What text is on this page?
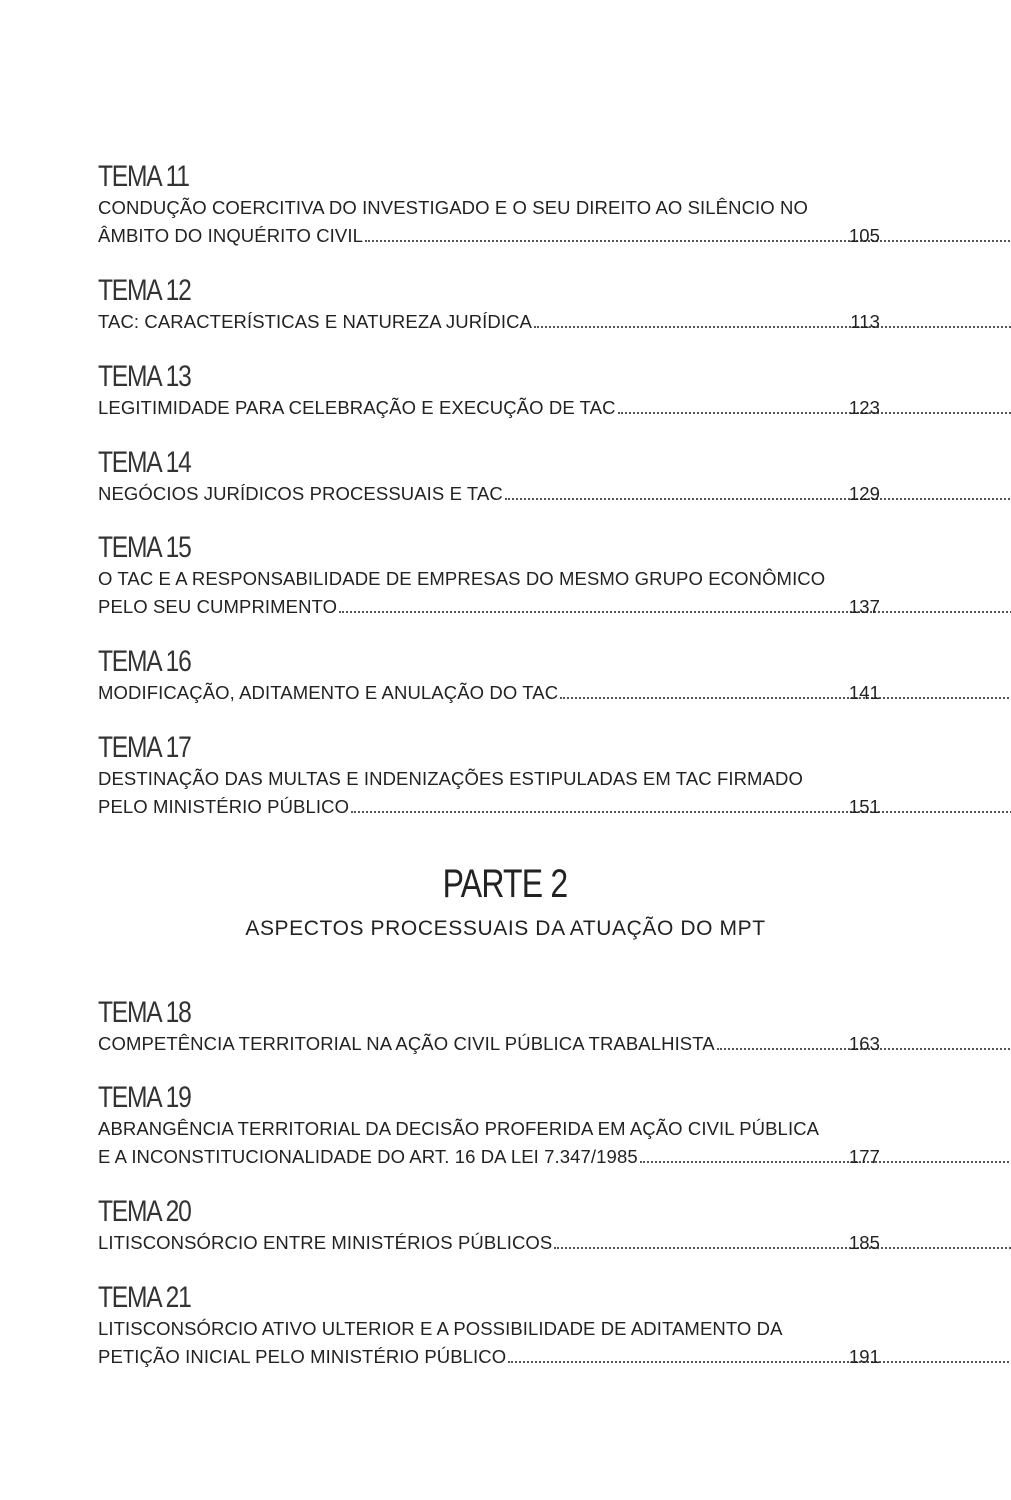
TEMA 11
CONDUÇÃO COERCITIVA DO INVESTIGADO E O SEU DIREITO AO SILÊNCIO NO
ÂMBITO DO INQUÉRITO CIVIL	105
TEMA 12
TAC: CARACTERÍSTICAS E NATUREZA JURÍDICA	113
TEMA 13
LEGITIMIDADE PARA CELEBRAÇÃO E EXECUÇÃO DE TAC	123
TEMA 14
NEGÓCIOS JURÍDICOS PROCESSUAIS E TAC	129
TEMA 15
O TAC E A RESPONSABILIDADE DE EMPRESAS DO MESMO GRUPO ECONÔMICO
PELO SEU CUMPRIMENTO	137
TEMA 16
MODIFICAÇÃO, ADITAMENTO E ANULAÇÃO DO TAC	141
TEMA 17
DESTINAÇÃO DAS MULTAS E INDENIZAÇÕES ESTIPULADAS EM TAC FIRMADO
PELO MINISTÉRIO PÚBLICO	151
PARTE 2
ASPECTOS PROCESSUAIS DA ATUAÇÃO DO MPT
TEMA 18
COMPETÊNCIA TERRITORIAL NA AÇÃO CIVIL PÚBLICA TRABALHISTA	163
TEMA 19
ABRANGÊNCIA TERRITORIAL DA DECISÃO PROFERIDA EM AÇÃO CIVIL PÚBLICA
E A INCONSTITUCIONALIDADE DO ART. 16 DA LEI 7.347/1985	177
TEMA 20
LITISCONSÓRCIO ENTRE MINISTÉRIOS PÚBLICOS	185
TEMA 21
LITISCONSÓRCIO ATIVO ULTERIOR E A POSSIBILIDADE DE ADITAMENTO DA
PETIÇÃO INICIAL PELO MINISTÉRIO PÚBLICO	191
